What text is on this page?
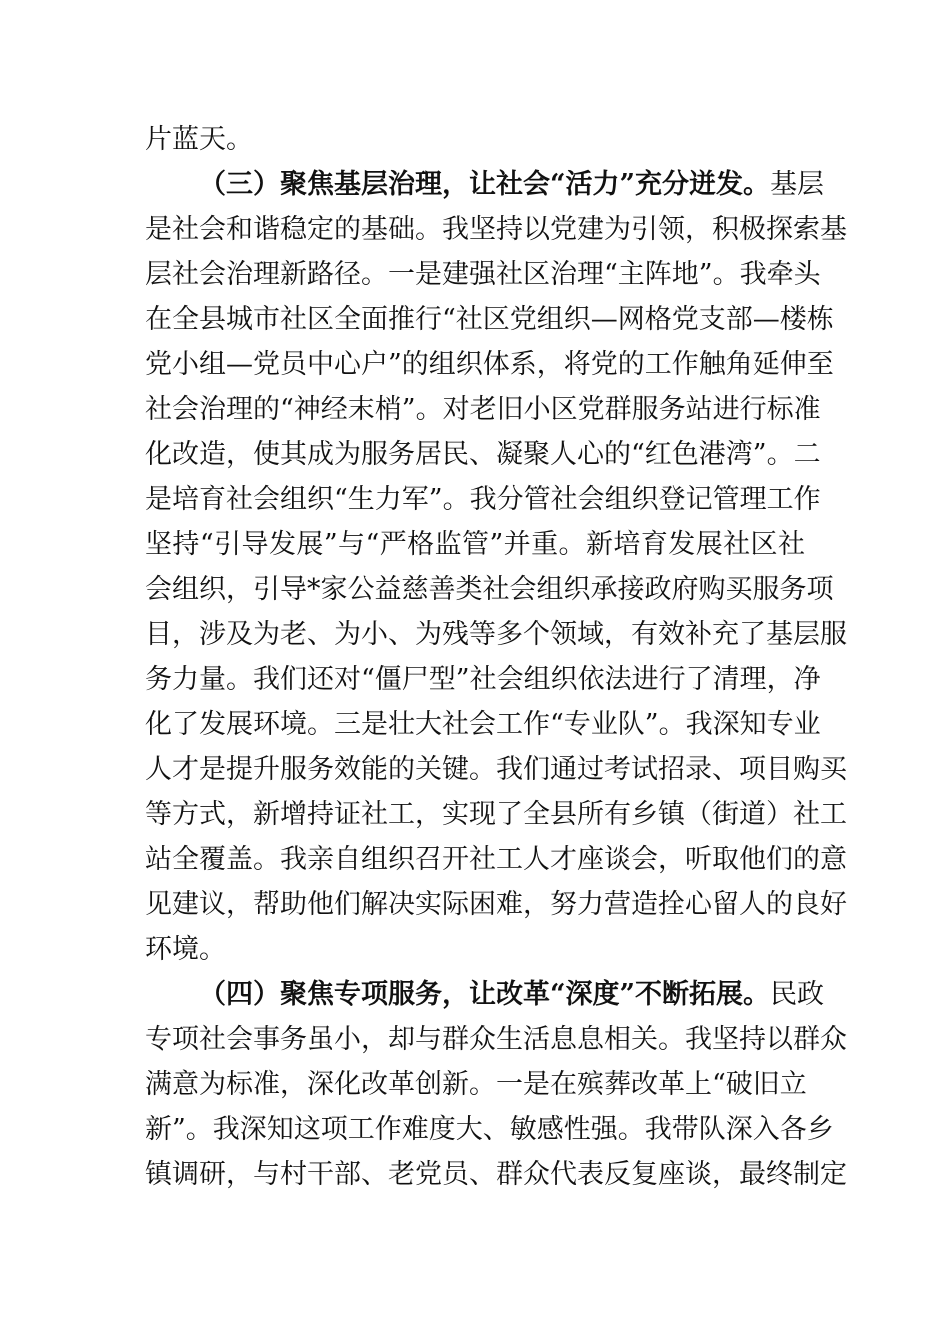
片蓝天。
（三）聚焦基层治理，让社会“活力”充分迸发。基层
是社会和谐稳定的基础。我坚持以党建为引领，积极探索基
层社会治理新路径。一是建强社区治理“主阵地”。我牵头
在全县城市社区全面推行“社区党组织—网格党支部—楼栋
党小组—党员中心户”的组织体系，将党的工作触角延伸至
社会治理的“神经末梢”。对老旧小区党群服务站进行标准
化改造，使其成为服务居民、凝聚人心的“红色港湾”。二
是培育社会组织“生力军”。我分管社会组织登记管理工作
坚持“引导发展”与“严格监管”并重。新培育发展社区社
会组织，引导*家公益慈善类社会组织承接政府购买服务项
目，涉及为老、为小、为残等多个领域，有效补充了基层服
务力量。我们还对“僵尸型”社会组织依法进行了清理，净
化了发展环境。三是壮大社会工作“专业队”。我深知专业
人才是提升服务效能的关键。我们通过考试招录、项目购买
等方式，新增持证社工，实现了全县所有乡镇（街道）社工
站全覆盖。我亲自组织召开社工人才座谈会，听取他们的意
见建议，帮助他们解决实际困难，努力营造拴心留人的良好
环境。
（四）聚焦专项服务，让改革“深度”不断拓展。民政
专项社会事务虽小，却与群众生活息息相关。我坚持以群众
满意为标准，深化改革创新。一是在殡葬改革上“破旧立
新”。我深知这项工作难度大、敏感性强。我带队深入各乡
镇调研，与村干部、老党员、群众代表反复座谈，最终制定
